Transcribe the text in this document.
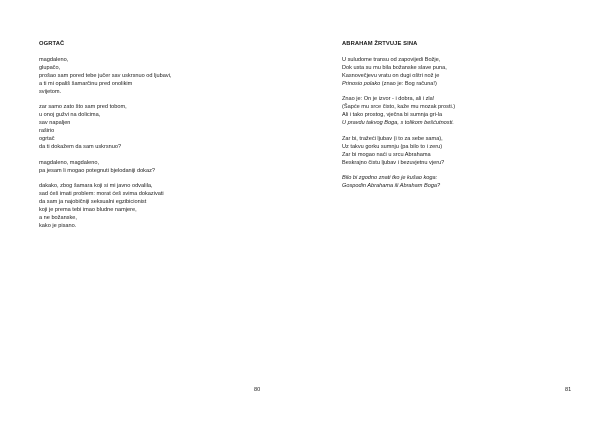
OGRTAČ
magdaleno,
glupačo,
prošao sam pored tebe jučer sav uskrsnuo od ljubavi,
a ti mi opališ šamarčinu pred onolikim
svijetom.
zar samo zato što sam pred tobom,
u onoj gužvi na dolicima,
sav napaljen
raširio
ogrtač
da ti dokažem da sam uskrsnuo?
magdaleno, magdaleno,
pa jesam li mogao potegnuti bjelodaniji dokaz?
dakako, zbog šamara koji si mi javno odvalila,
sad ćeš imati problem: morat ćeš svima dokazivati
da sam ja najobičniji seksualni egzibicionist
koji je prema tebi imao bludne namjere,
a ne božanske,
kako je pisano.
80
ABRAHAM ŽRTVUJE SINA
U suludome transu od zapovijedi Božje,
Dok usta su mu bila božanske slave puna,
Kasnovečjevu vratu on dugi oštri nož je
Prinosio polako (znao je: Bog računa!)
Znao je: On je izvor - i dobra, ali i zla!
(Šapće mu srce čisto, kaže mu mozak prosti.)
Ali i tako prostog, vječna bi sumnja gri-la
U pravdu takvog Boga, s tolikom bešćutnosti.
Zar bi, tražeći ljubav (i to za sebe sama),
Uz takvu gorku sumnju (pa bilo to i zeru)
Zar bi mogao naći u srcu Abrahama
Beskrajno čistu ljubav i bezuvjetnu vjeru?
Bilo bi zgodno znati tko je kušao koga:
Gospodin Abrahama ili Abraham Boga?
81
